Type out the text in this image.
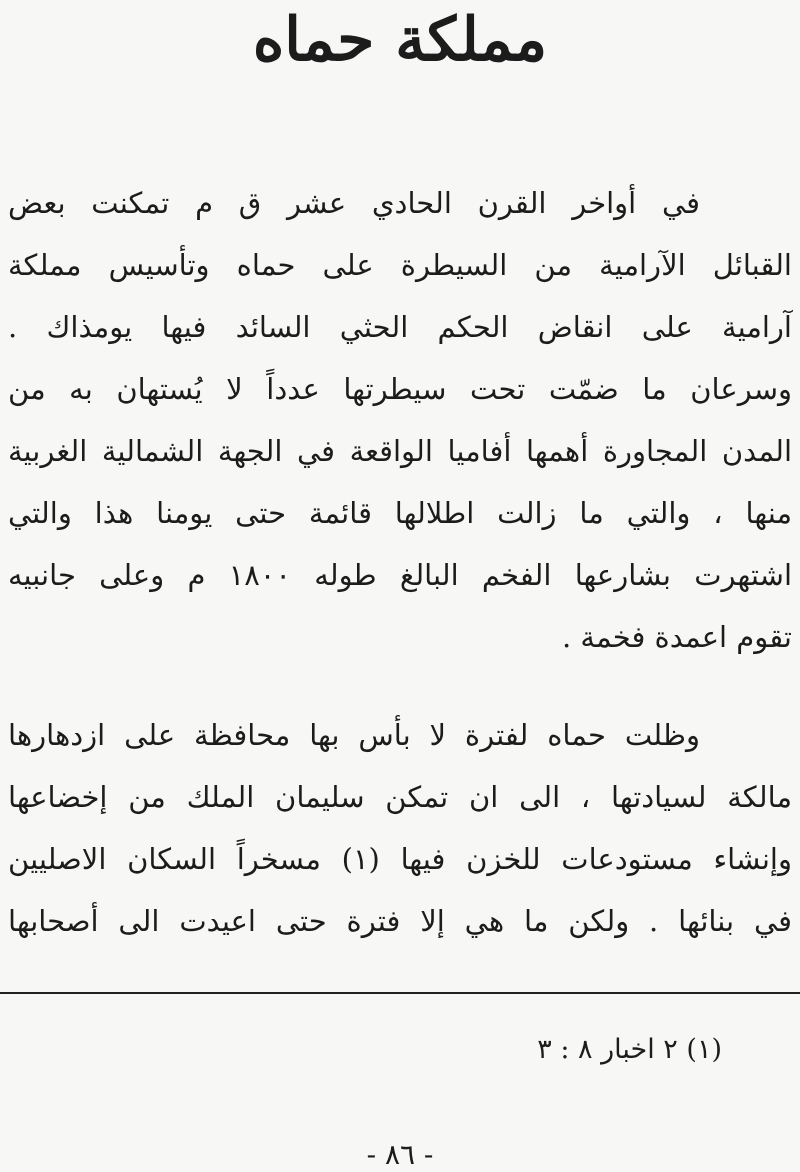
مملكة حماه
في أواخر القرن الحادي عشر ق م تمكنت بعض
القبائل الآرامية من السيطرة على حماه وتأسيس مملكة
آرامية على انقاض الحكم الحثي السائد فيها يومذاك .
وسرعان ما ضمّت تحت سيطرتها عدداً لا يُستهان به من
المدن المجاورة أهمها أفاميا الواقعة في الجهة الشمالية الغربية
منها ، والتي ما زالت اطلالها قائمة حتى يومنا هذا والتي
اشتهرت بشارعها الفخم البالغ طوله ١٨٠٠ م وعلى جانبيه
تقوم اعمدة فخمة .
وظلت حماه لفترة لا بأس بها محافظة على ازدهارها
مالكة لسيادتها ، الى ان تمكن سليمان الملك من إخضاعها
وإنشاء مستودعات للخزن فيها (١) مسخراً السكان الاصليين
في بنائها . ولكن ما هي إلا فترة حتى اعيدت الى أصحابها
(١) ٢ اخبار ٨ : ٣
- ٨٦ -
